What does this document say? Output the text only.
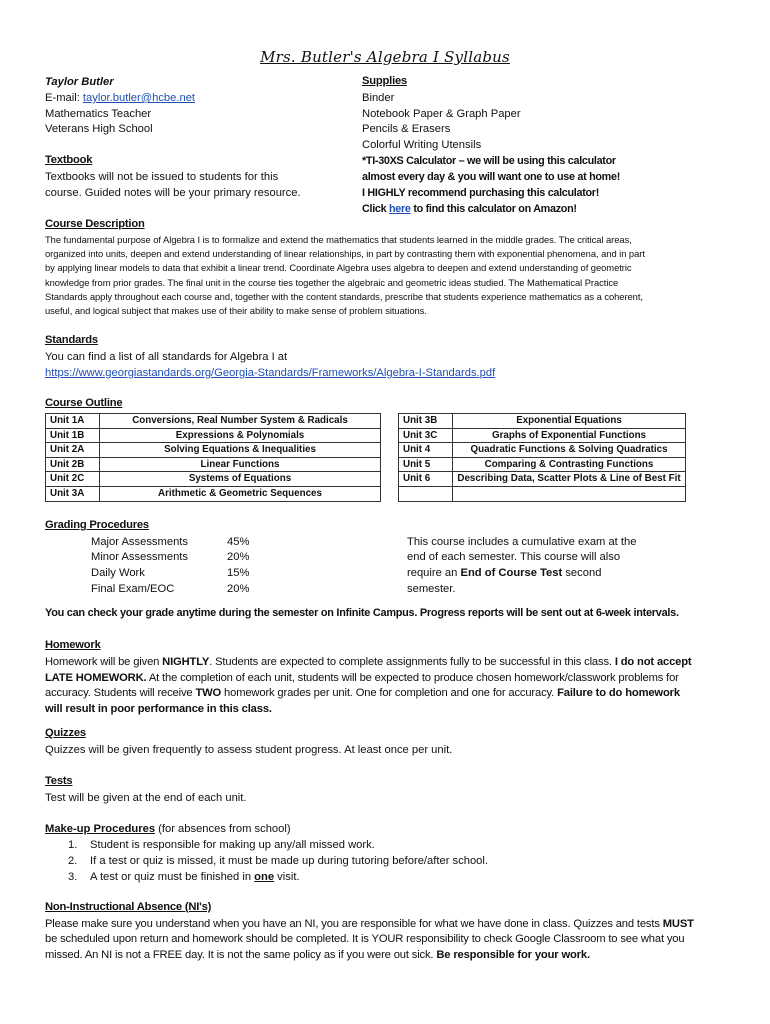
Mrs. Butler's Algebra I Syllabus
Taylor Butler
E-mail: taylor.butler@hcbe.net
Mathematics Teacher
Veterans High School
Textbook
Textbooks will not be issued to students for this
course. Guided notes will be your primary resource.
Supplies
Binder
Notebook Paper & Graph Paper
Pencils & Erasers
Colorful Writing Utensils
*TI-30XS Calculator – we will be using this calculator
almost every day & you will want one to use at home!
I HIGHLY recommend purchasing this calculator!
Click here to find this calculator on Amazon!
Course Description
The fundamental purpose of Algebra I is to formalize and extend the mathematics that students learned in the middle grades. The critical areas,
organized into units, deepen and extend understanding of linear relationships, in part by contrasting them with exponential phenomena, and in part
by applying linear models to data that exhibit a linear trend. Coordinate Algebra uses algebra to deepen and extend understanding of geometric
knowledge from prior grades. The final unit in the course ties together the algebraic and geometric ideas studied. The Mathematical Practice
Standards apply throughout each course and, together with the content standards, prescribe that students experience mathematics as a coherent,
useful, and logical subject that makes use of their ability to make sense of problem situations.
Standards
You can find a list of all standards for Algebra I at
https://www.georgiastandards.org/Georgia-Standards/Frameworks/Algebra-I-Standards.pdf
Course Outline
Unit 1A	Conversions, Real Number System & Radicals
Unit 1B	Expressions & Polynomials
Unit 2A	Solving Equations & Inequalities
Unit 2B	Linear Functions
Unit 2C	Systems of Equations
Unit 3A	Arithmetic & Geometric Sequences
Unit 3B	Exponential Equations
Unit 3C	Graphs of Exponential Functions
Unit 4	Quadratic Functions & Solving Quadratics
Unit 5	Comparing & Contrasting Functions
Unit 6	Describing Data, Scatter Plots & Line of Best Fit

Grading Procedures
Major Assessments	45%
Minor Assessments	20%
Daily Work	15%
Final Exam/EOC	20%
This course includes a cumulative exam at the
end of each semester. This course will also
require an End of Course Test second
semester.
You can check your grade anytime during the semester on Infinite Campus. Progress reports will be sent out at 6-week intervals.
Homework
Homework will be given NIGHTLY. Students are expected to complete assignments fully to be successful in this class. I do not accept
LATE HOMEWORK. At the completion of each unit, students will be expected to produce chosen homework/classwork problems for
accuracy. Students will receive TWO homework grades per unit. One for completion and one for accuracy. Failure to do homework
will result in poor performance in this class.
Quizzes
Quizzes will be given frequently to assess student progress. At least once per unit.
Tests
Test will be given at the end of each unit.
Make-up Procedures (for absences from school)
1. Student is responsible for making up any/all missed work.
2. If a test or quiz is missed, it must be made up during tutoring before/after school.
3. A test or quiz must be finished in one visit.
Non-Instructional Absence (NI's)
Please make sure you understand when you have an NI, you are responsible for what we have done in class. Quizzes and tests MUST
be scheduled upon return and homework should be completed. It is YOUR responsibility to check Google Classroom to see what you
missed. An NI is not a FREE day. It is not the same policy as if you were out sick. Be responsible for your work.
